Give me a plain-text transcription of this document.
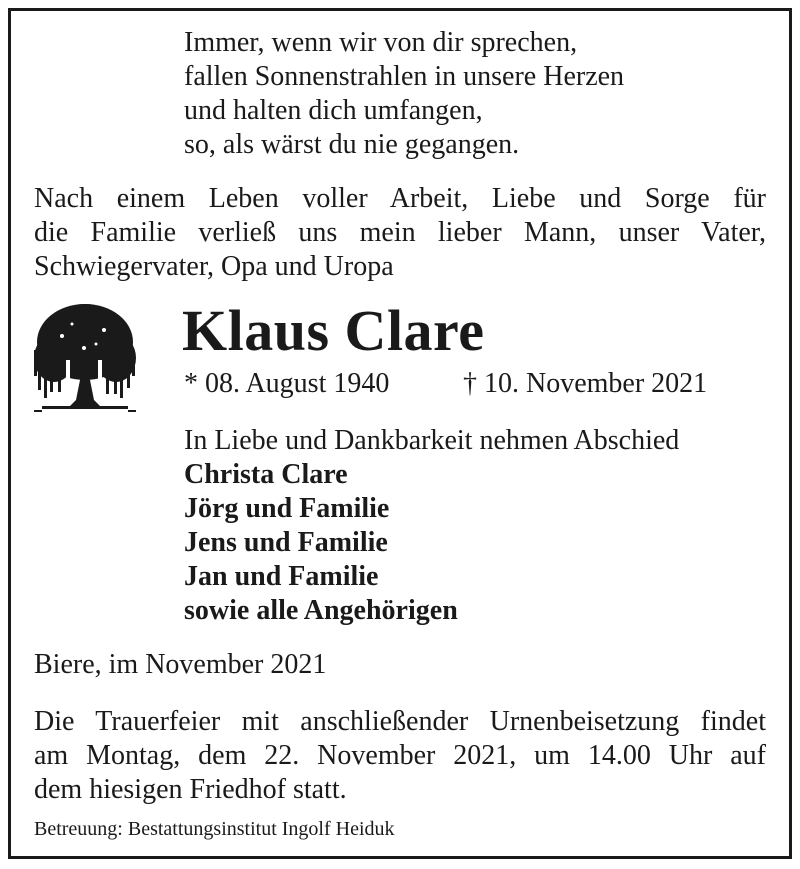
Immer, wenn wir von dir sprechen,
fallen Sonnenstrahlen in unsere Herzen
und halten dich umfangen,
so, als wärst du nie gegangen.
Nach einem Leben voller Arbeit, Liebe und Sorge für
die Familie verließ uns mein lieber Mann, unser Vater,
Schwiegervater, Opa und Uropa
Klaus Clare
* 08. August 1940	† 10. November 2021
In Liebe und Dankbarkeit nehmen Abschied
Christa Clare
Jörg und Familie
Jens und Familie
Jan und Familie
sowie alle Angehörigen
Biere, im November 2021
Die Trauerfeier mit anschließender Urnenbeisetzung findet
am Montag, dem 22. November 2021, um 14.00 Uhr auf
dem hiesigen Friedhof statt.
Betreuung: Bestattungsinstitut Ingolf Heiduk
